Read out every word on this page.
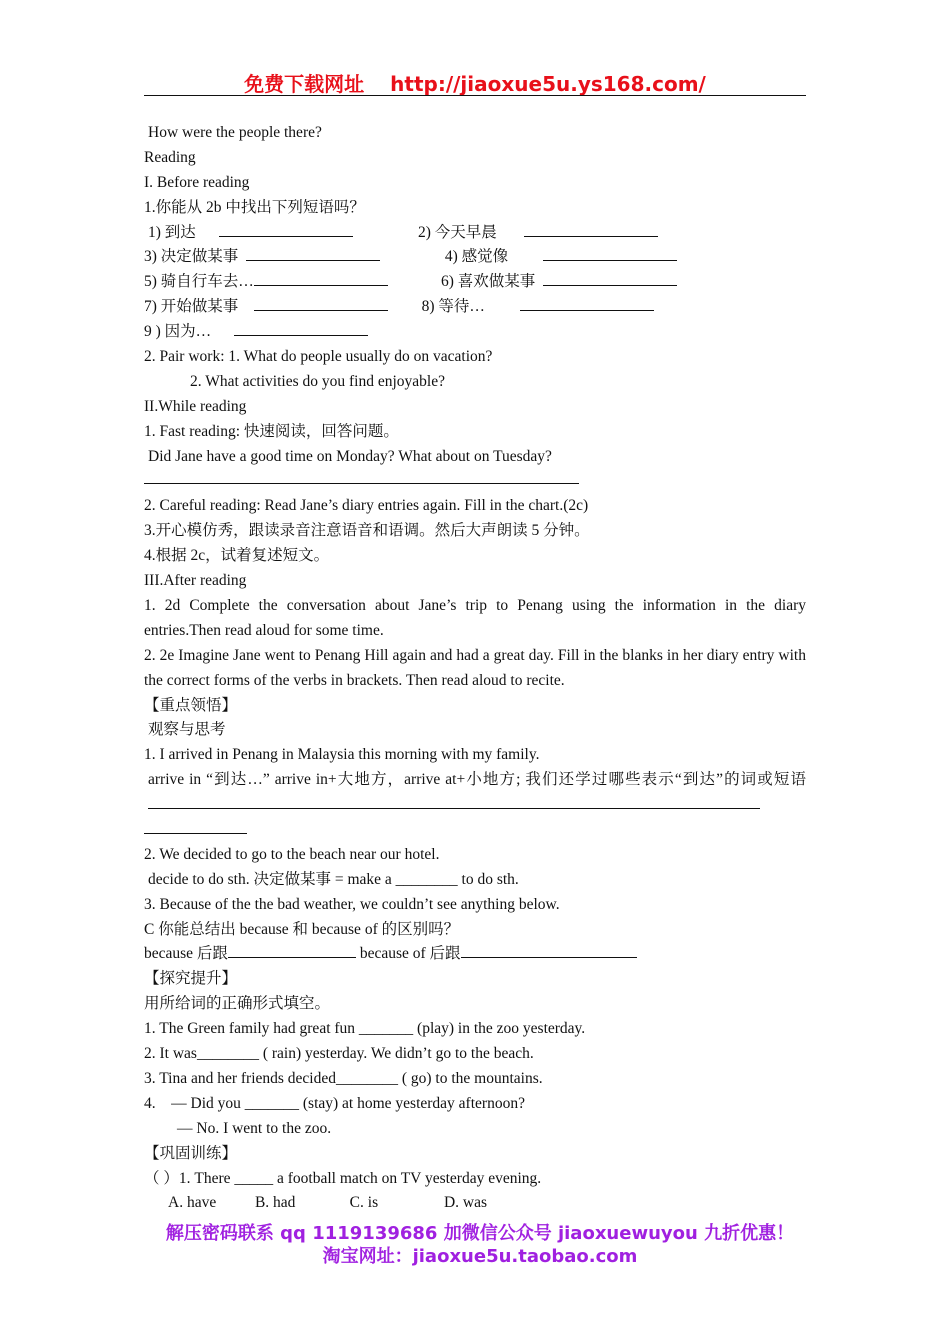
免费下载网址 http://jiaoxue5u.ys168.com/
How were the people there?
Reading
I. Before reading
1.你能从 2b 中找出下列短语吗？
1) 到达	2) 今天早晨
3) 决定做某事	4) 感觉像
5) 骑自行车去…	6) 喜欢做某事
7) 开始做某事	8) 等待…
9 ) 因为…
2. Pair work: 1. What do people usually do on vacation?
2. What activities do you find enjoyable?
II.While reading
1. Fast reading: 快速阅读，回答问题。
Did Jane have a good time on Monday? What about on Tuesday?
2. Careful reading: Read Jane’s diary entries again. Fill in the chart.(2c)
3.开心模仿秀，跟读录音注意语音和语调。然后大声朗读 5 分钟。
4.根据 2c，试着复述短文。
III.After reading
1. 2d Complete the conversation about Jane’s trip to Penang using the information in the diary entries.Then read aloud for some time.
2. 2e Imagine Jane went to Penang Hill again and had a great day. Fill in the blanks in her diary entry with the correct forms of the verbs in brackets. Then read aloud to recite.
【重点领悟】
观察与思考
1. I arrived in Penang in Malaysia this morning with my family.
arrive in “到达…” arrive in+大地方，arrive at+小地方; 我们还学过哪些表示“到达”的词或短语
2. We decided to go to the beach near our hotel.
decide to do sth. 决定做某事 = make a ________ to do sth.
3. Because of the the bad weather, we couldn’t see anything below.
C 你能总结出 because 和 because of 的区别吗？
because 后跟	because of 后跟
【探究提升】
用所给词的正确形式填空。
1. The Green family had great fun _______ (play) in the zoo yesterday.
2. It was________ ( rain) yesterday. We didn’t go to the beach.
3. Tina and her friends decided________ ( go) to the mountains.
4.    — Did you _______ (stay) at home yesterday afternoon?
— No. I went to the zoo.
【巩固训练】
（ ）1. There _____ a football match on TV yesterday evening.
A. have          B. had              C. is                 D. was
解压密码联系 qq 1119139686 加微信公众号 jiaoxuewuyou 九折优惠！
淘宝网址：jiaoxue5u.taobao.com
